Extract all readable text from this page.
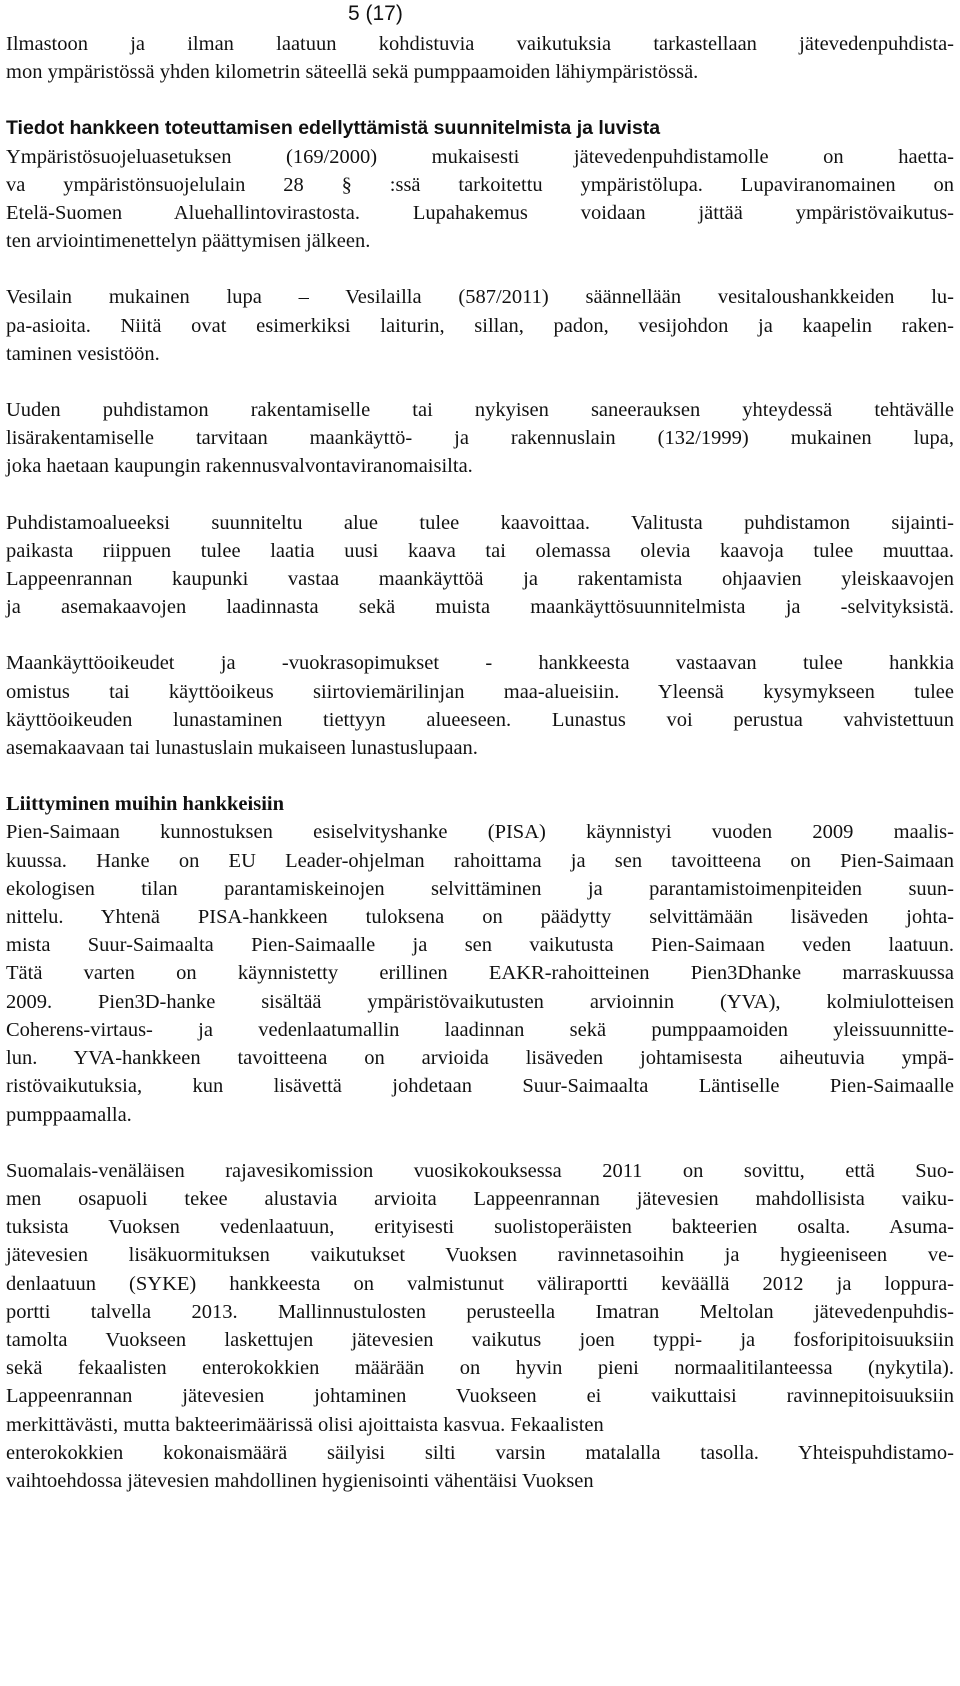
5 (17)

Ilmastoon ja ilman laatuun kohdistuvia vaikutuksia tarkastellaan jätevedenpuhdista-
mon ympäristössä yhden kilometrin säteellä sekä pumppaamoiden lähiympäristössä.

Tiedot hankkeen toteuttamisen edellyttämistä suunnitelmista ja luvista
Ympäristösuojeluasetuksen (169/2000) mukaisesti jätevedenpuhdistamolle on haetta-
va ympäristönsuojelulain 28 § :ssä tarkoitettu ympäristölupa. Lupaviranomainen on
Etelä-Suomen Aluehallintovirastosta. Lupahakemus voidaan jättää ympäristövaikutus-
ten arviointimenettelyn päättymisen jälkeen.

Vesilain mukainen lupa – Vesilailla (587/2011) säännellään vesitaloushankkeiden lu-
pa-asioita. Niitä ovat esimerkiksi laiturin, sillan, padon, vesijohdon ja kaapelin raken-
taminen vesistöön.

Uuden puhdistamon rakentamiselle tai nykyisen saneerauksen yhteydessä tehtävälle
lisärakentamiselle tarvitaan maankäyttö- ja rakennuslain (132/1999) mukainen lupa,
joka haetaan kaupungin rakennusvalvontaviranomaisilta.

Puhdistamoalueeksi suunniteltu alue tulee kaavoittaa. Valitusta puhdistamon sijainti-
paikasta riippuen tulee laatia uusi kaava tai olemassa olevia kaavoja tulee muuttaa.
Lappeenrannan kaupunki vastaa maankäyttöä ja rakentamista ohjaavien yleiskaavojen
ja asemakaavojen laadinnasta sekä muista maankäyttösuunnitelmista ja -selvityksistä.

Maankäyttöoikeudet ja -vuokrasopimukset - hankkeesta vastaavan tulee hankkia
omistus tai käyttöoikeus siirtoviemärilinjan maa-alueisiin. Yleensä kysymykseen tulee
käyttöoikeuden lunastaminen tiettyyn alueeseen. Lunastus voi perustua vahvistettuun
asemakaavaan tai lunastuslain mukaiseen lunastuslupaan.

Liittyminen muihin hankkeisiin
Pien-Saimaan kunnostuksen esiselvityshanke (PISA) käynnistyi vuoden 2009 maalis-
kuussa. Hanke on EU Leader-ohjelman rahoittama ja sen tavoitteena on Pien-Saimaan
ekologisen tilan parantamiskeinojen selvittäminen ja parantamistoimenpiteiden suun-
nittelu. Yhtenä PISA-hankkeen tuloksena on päädytty selvittämään lisäveden johta-
mista Suur-Saimaalta Pien-Saimaalle ja sen vaikutusta Pien-Saimaan veden laatuun.
Tätä varten on käynnistetty erillinen EAKR-rahoitteinen Pien3Dhanke marraskuussa
2009. Pien3D-hanke sisältää ympäristövaikutusten arvioinnin (YVA), kolmiulotteisen
Coherens-virtaus- ja vedenlaatumallin laadinnan sekä pumppaamoiden yleissuunnitte-
lun. YVA-hankkeen tavoitteena on arvioida lisäveden johtamisesta aiheutuvia ympä-
ristövaikutuksia, kun lisävettä johdetaan Suur-Saimaalta Läntiselle Pien-Saimaalle
pumppaamalla.

Suomalais-venäläisen rajavesikomission vuosikokouksessa 2011 on sovittu, että Suo-
men osapuoli tekee alustavia arvioita Lappeenrannan jätevesien mahdollisista vaiku-
tuksista Vuoksen vedenlaatuun, erityisesti suolistoperäisten bakteerien osalta. Asuma-
jätevesien lisäkuormituksen vaikutukset Vuoksen ravinnetasoihin ja hygieeniseen ve-
denlaatuun (SYKE) hankkeesta on valmistunut väliraportti keväällä 2012 ja loppura-
portti talvella 2013. Mallinnustulosten perusteella Imatran Meltolan jätevedenpuhdis-
tamolta Vuokseen laskettujen jätevesien vaikutus joen typpi- ja fosforipitoisuuksiin
sekä fekaalisten enterokokkien määrään on hyvin pieni normaalitilanteessa (nykytila).
Lappeenrannan jätevesien johtaminen Vuokseen ei vaikuttaisi ravinnepitoisuuksiin
merkittävästi, mutta bakteerimäärissä olisi ajoittaista kasvua. Fekaalisten
enterokokkien kokonaismäärä säilyisi silti varsin matalalla tasolla. Yhteispuhdistamo-
vaihtoehdossa jätevesien mahdollinen hygienisointi vähentäisi Vuoksen
